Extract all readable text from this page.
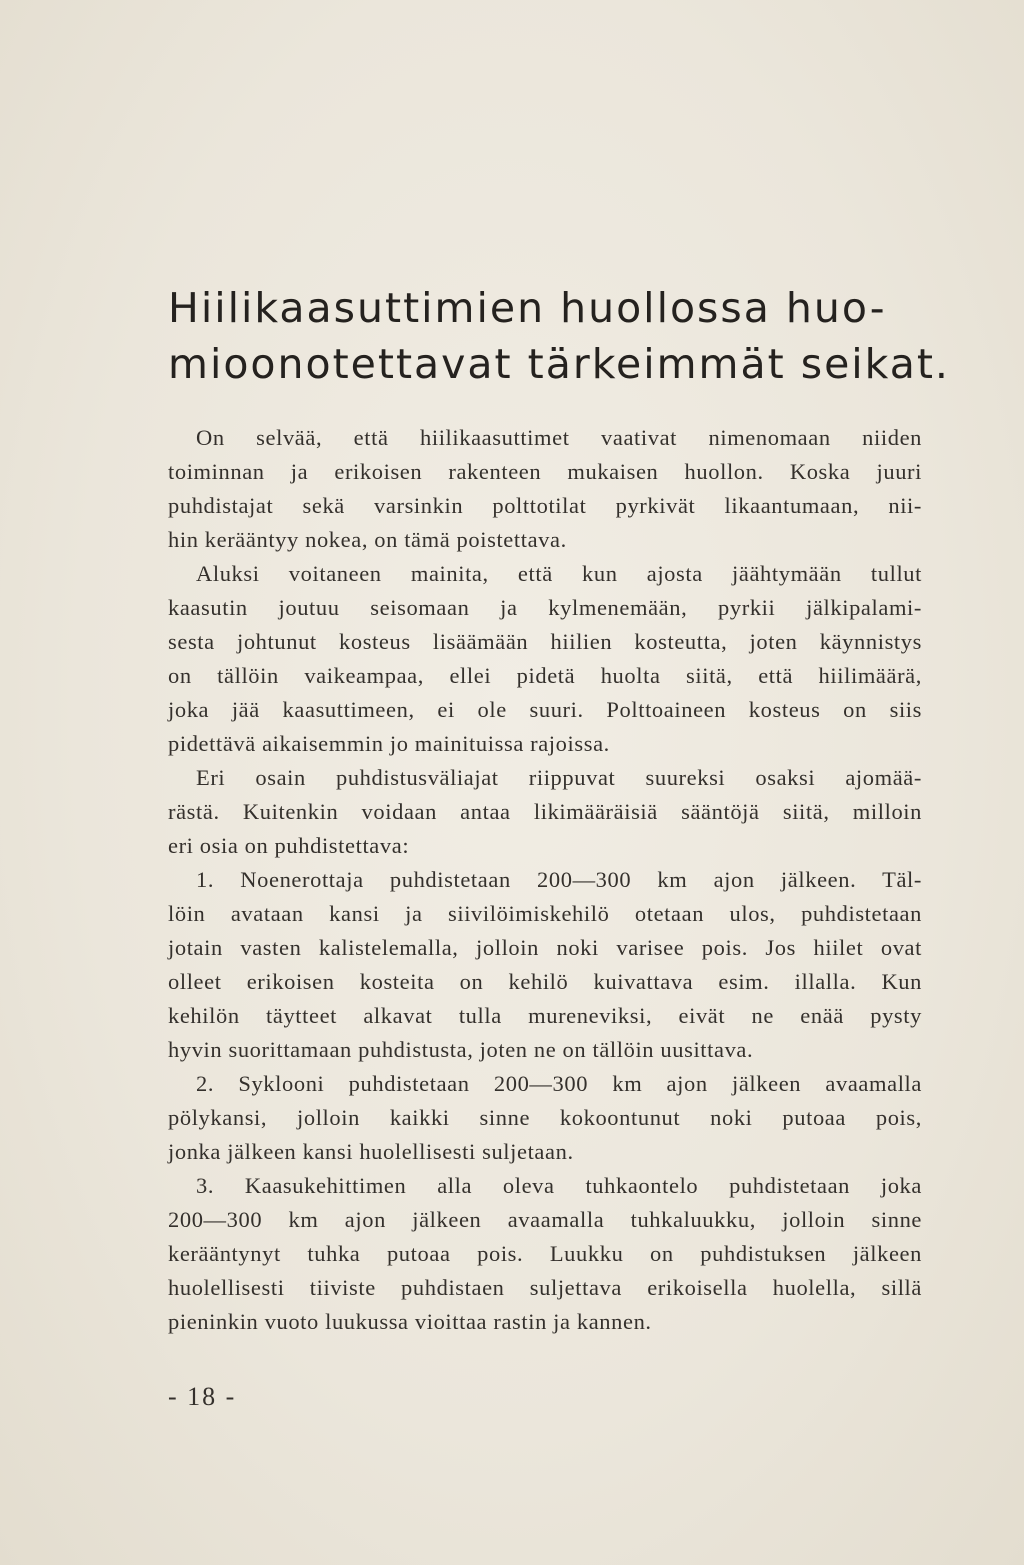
Hiilikaasuttimien huollossa huo-
mioonotettavat tärkeimmät seikat.

On selvää, että hiilikaasuttimet vaativat nimenomaan niiden
toiminnan ja erikoisen rakenteen mukaisen huollon. Koska juuri
puhdistajat sekä varsinkin polttotilat pyrkivät likaantumaan, nii-
hin kerääntyy nokea, on tämä poistettava.

Aluksi voitaneen mainita, että kun ajosta jäähtymään tullut
kaasutin joutuu seisomaan ja kylmenemään, pyrkii jälkipalami-
sesta johtunut kosteus lisäämään hiilien kosteutta, joten käynnistys
on tällöin vaikeampaa, ellei pidetä huolta siitä, että hiilimäärä,
joka jää kaasuttimeen, ei ole suuri. Polttoaineen kosteus on siis
pidettävä aikaisemmin jo mainituissa rajoissa.

Eri osain puhdistusväliajat riippuvat suureksi osaksi ajomää-
rästä. Kuitenkin voidaan antaa likimääräisiä sääntöjä siitä, milloin
eri osia on puhdistettava:

1. Noenerottaja puhdistetaan 200—300 km ajon jälkeen. Täl-
löin avataan kansi ja siivilöimiskehilö otetaan ulos, puhdistetaan
jotain vasten kalistelemalla, jolloin noki varisee pois. Jos hiilet ovat
olleet erikoisen kosteita on kehilö kuivattava esim. illalla. Kun
kehilön täytteet alkavat tulla mureneviksi, eivät ne enää pysty
hyvin suorittamaan puhdistusta, joten ne on tällöin uusittava.

2. Syklooni puhdistetaan 200—300 km ajon jälkeen avaamalla
pölykansi, jolloin kaikki sinne kokoontunut noki putoaa pois,
jonka jälkeen kansi huolellisesti suljetaan.

3. Kaasukehittimen alla oleva tuhkaontelo puhdistetaan joka
200—300 km ajon jälkeen avaamalla tuhkaluukku, jolloin sinne
kerääntynyt tuhka putoaa pois. Luukku on puhdistuksen jälkeen
huolellisesti tiiviste puhdistaen suljettava erikoisella huolella, sillä
pieninkin vuoto luukussa vioittaa rastin ja kannen.

- 18 -
